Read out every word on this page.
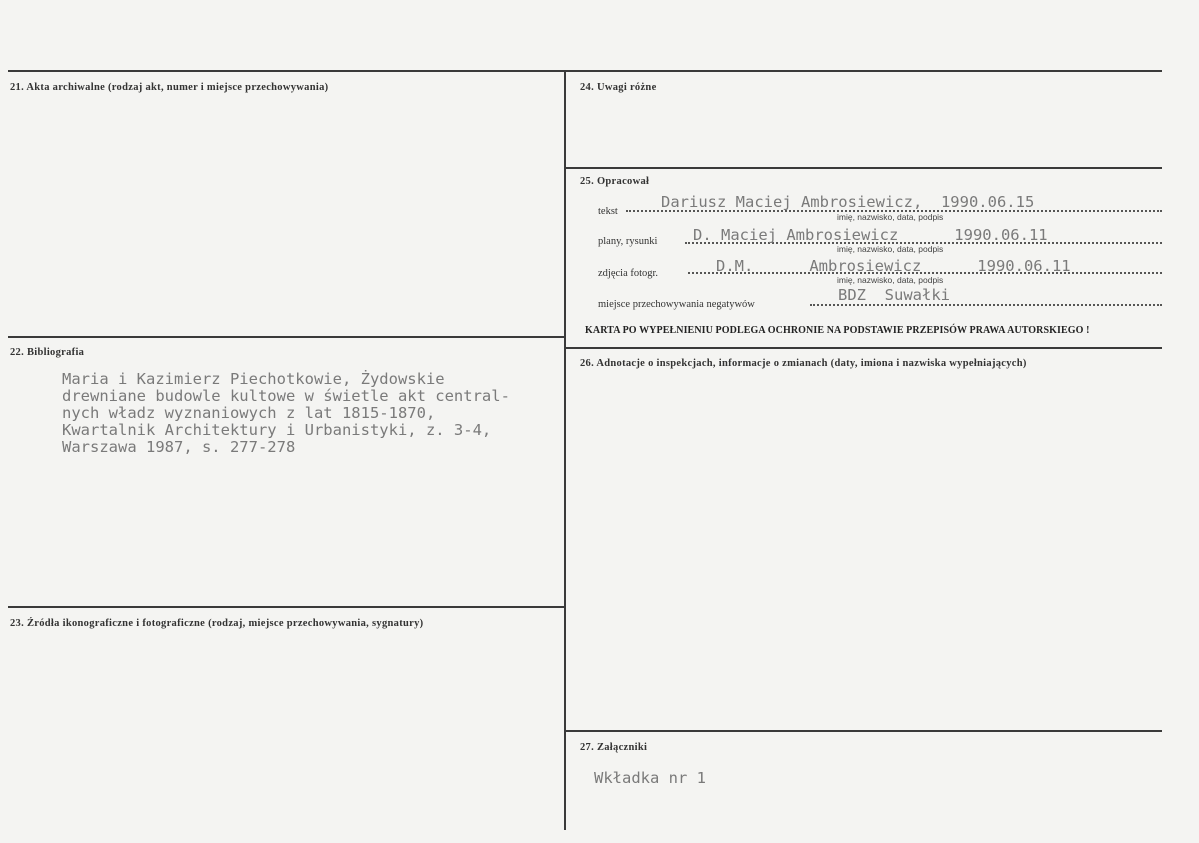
21. Akta archiwalne (rodzaj akt, numer i miejsce przechowywania)
22. Bibliografia
Maria i Kazimierz Piechotkowie, Żydowskie
drewniane budowle kultowe w świetle akt central-
nych władz wyznaniowych z lat 1815-1870,
Kwartalnik Architektury i Urbanistyki, z. 3-4,
Warszawa 1987, s. 277-278
23. Źródła ikonograficzne i fotograficzne (rodzaj, miejsce przechowywania, sygnatury)
24. Uwagi różne
25. Opracował
tekst
Dariusz Maciej Ambrosiewicz,  1990.06.15
imię, nazwisko, data, podpis
plany, rysunki D. Maciej Ambrosiewicz      1990.06.11
imię, nazwisko, data, podpis
zdjęcia fotogr.	D.M.      Ambrosiewicz      1990.06.11
imię, nazwisko, data, podpis
miejsce przechowywania negatywów
BDZ  Suwałki
KARTA PO WYPEŁNIENIU PODLEGA OCHRONIE NA PODSTAWIE PRZEPISÓW PRAWA AUTORSKIEGO !
26. Adnotacje o inspekcjach, informacje o zmianach (daty, imiona i nazwiska wypełniających)
27. Załączniki
Wkładka nr 1
